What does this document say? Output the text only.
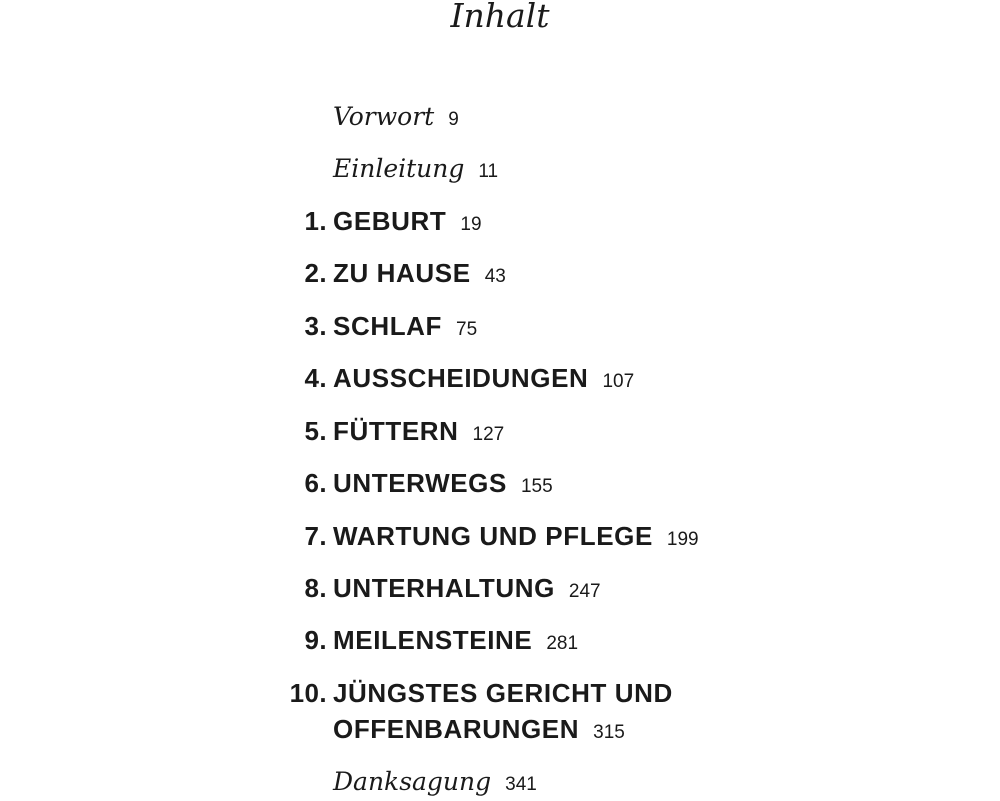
Inhalt
Vorwort 9
Einleitung 11
1. GEBURT 19
2. ZU HAUSE 43
3. SCHLAF 75
4. AUSSCHEIDUNGEN 107
5. FÜTTERN 127
6. UNTERWEGS 155
7. WARTUNG UND PFLEGE 199
8. UNTERHALTUNG 247
9. MEILENSTEINE 281
10. JÜNGSTES GERICHT UND
OFFENBARUNGEN 315
Danksagung 341
